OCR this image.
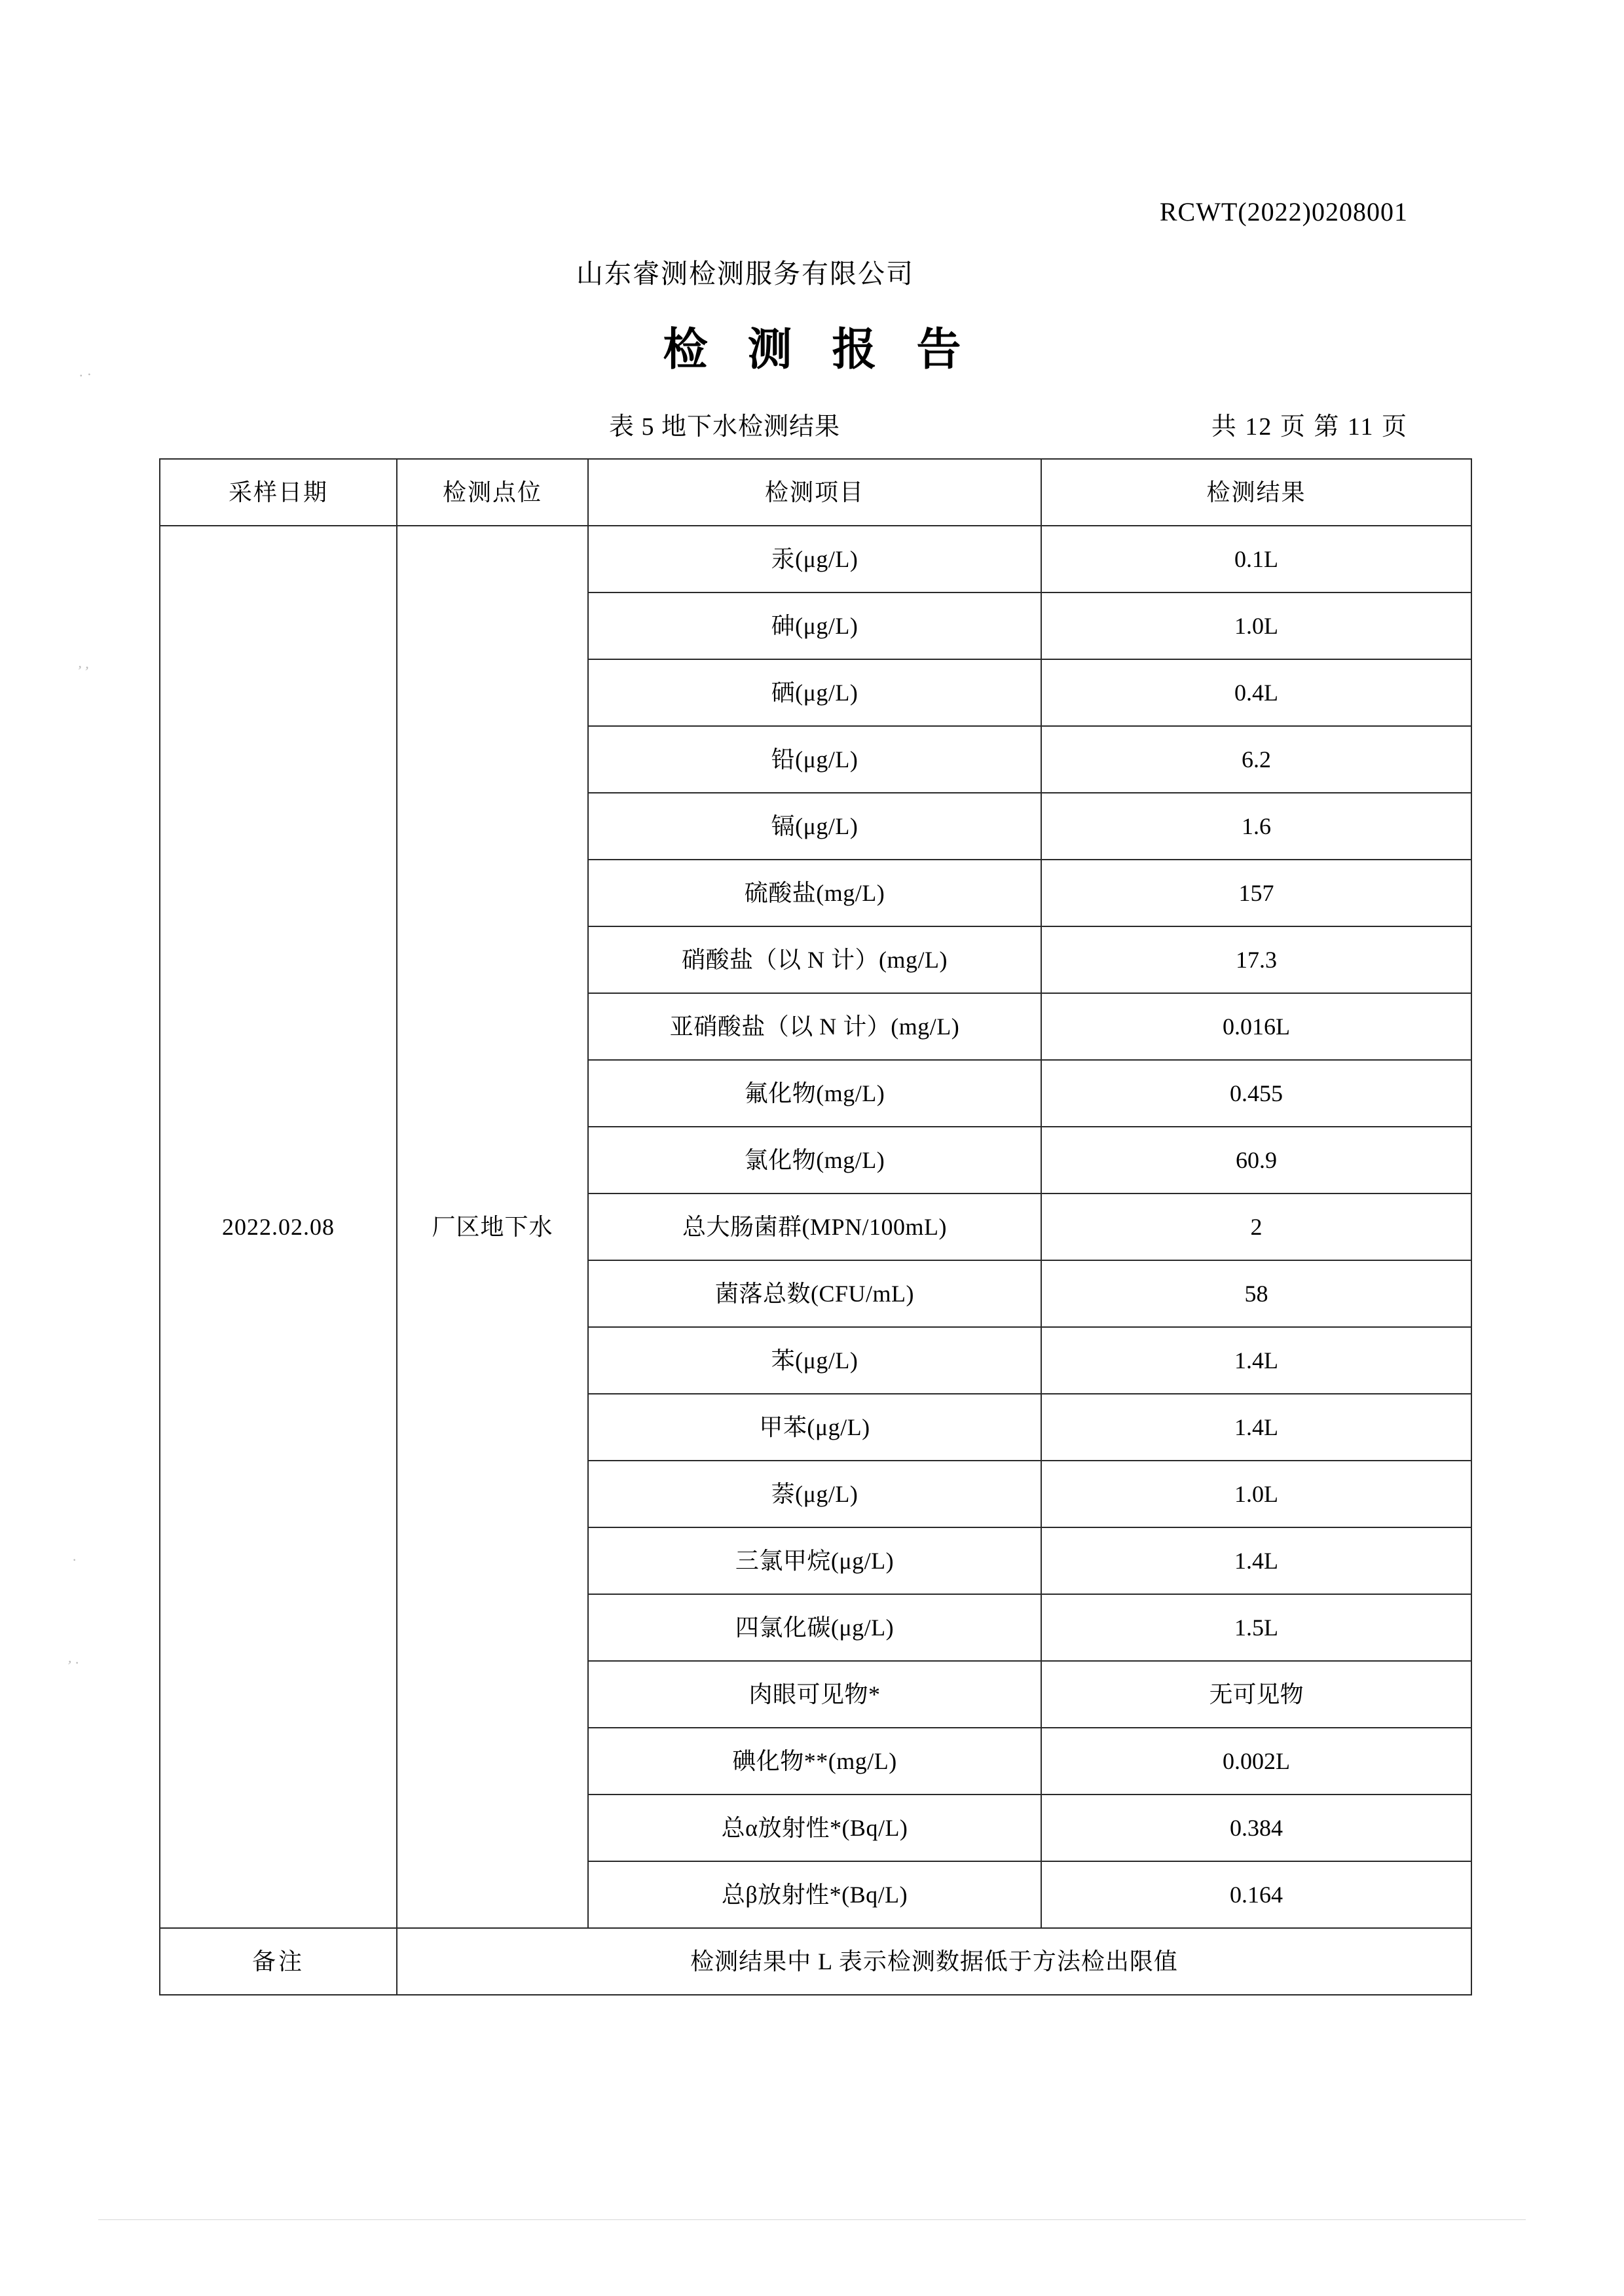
RCWT(2022)0208001
山东睿测检测服务有限公司
检 测 报 告
表 5 地下水检测结果	共 12 页 第 11 页
· ·
, ,
·
, .
采样日期	检测点位	检测项目	检测结果
2022.02.08	厂区地下水	汞(μg/L)	0.1L
		砷(μg/L)	1.0L
		硒(μg/L)	0.4L
		铅(μg/L)	6.2
		镉(μg/L)	1.6
		硫酸盐(mg/L)	157
		硝酸盐（以 N 计）(mg/L)	17.3
		亚硝酸盐（以 N 计）(mg/L)	0.016L
		氟化物(mg/L)	0.455
		氯化物(mg/L)	60.9
		总大肠菌群(MPN/100mL)	2
		菌落总数(CFU/mL)	58
		苯(μg/L)	1.4L
		甲苯(μg/L)	1.4L
		萘(μg/L)	1.0L
		三氯甲烷(μg/L)	1.4L
		四氯化碳(μg/L)	1.5L
		肉眼可见物*	无可见物
		碘化物**(mg/L)	0.002L
		总α放射性*(Bq/L)	0.384
		总β放射性*(Bq/L)	0.164
备注	检测结果中 L 表示检测数据低于方法检出限值		
